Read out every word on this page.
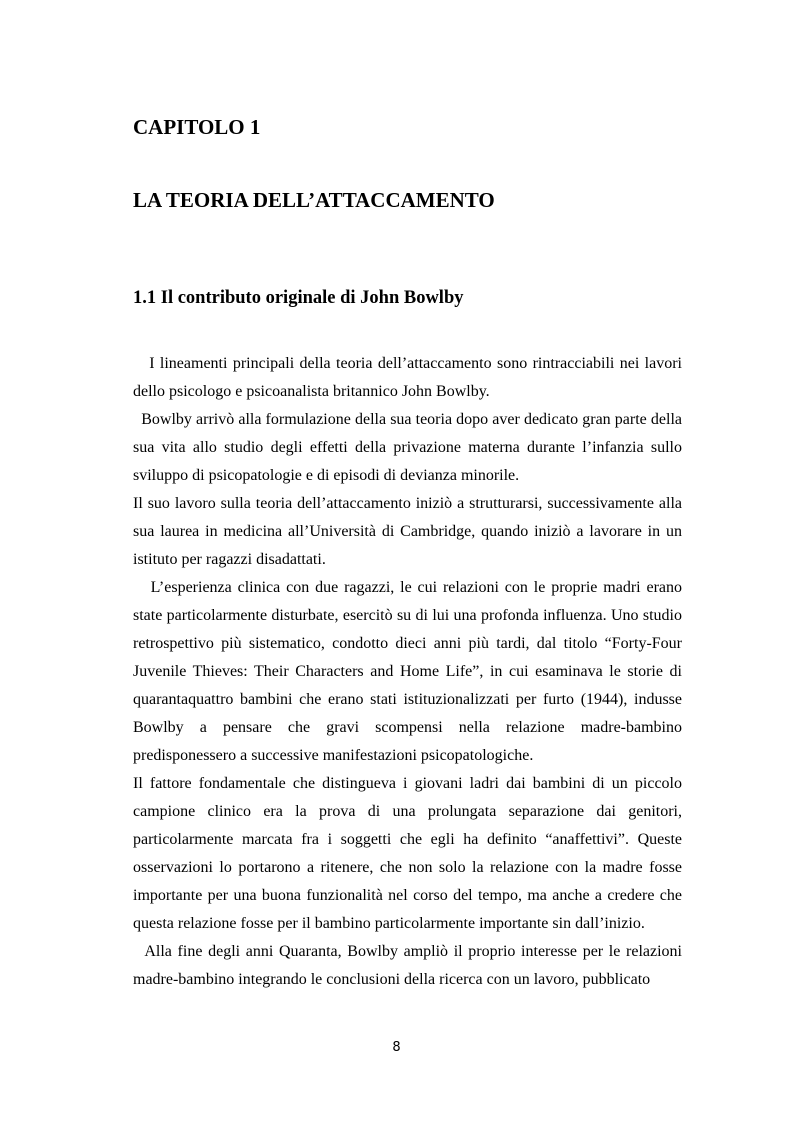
CAPITOLO 1
LA TEORIA DELL’ATTACCAMENTO
1.1 Il contributo originale di John Bowlby

I lineamenti principali della teoria dell’attaccamento sono rintracciabili nei lavori dello psicologo e psicoanalista britannico John Bowlby.

Bowlby arrivò alla formulazione della sua teoria dopo aver dedicato gran parte della sua vita allo studio degli effetti della privazione materna durante l’infanzia sullo sviluppo di psicopatologie e di episodi di devianza minorile.

Il suo lavoro sulla teoria dell’attaccamento iniziò a strutturarsi, successivamente alla sua laurea in medicina all’Università di Cambridge, quando iniziò a lavorare in un istituto per ragazzi disadattati.

L’esperienza clinica con due ragazzi, le cui relazioni con le proprie madri erano state particolarmente disturbate, esercitò su di lui una profonda influenza. Uno studio retrospettivo più sistematico, condotto dieci anni più tardi, dal titolo “Forty-Four Juvenile Thieves: Their Characters and Home Life”, in cui esaminava le storie di quarantaquattro bambini che erano stati istituzionalizzati per furto (1944), indusse Bowlby a pensare che gravi scompensi nella relazione madre-bambino predisponessero a successive manifestazioni psicopatologiche.

Il fattore fondamentale che distingueva i giovani ladri dai bambini di un piccolo campione clinico era la prova di una prolungata separazione dai genitori, particolarmente marcata fra i soggetti che egli ha definito “anaffettivi”. Queste osservazioni lo portarono a ritenere, che non solo la relazione con la madre fosse importante per una buona funzionalità nel corso del tempo, ma anche a credere che questa relazione fosse per il bambino particolarmente importante sin dall’inizio.

Alla fine degli anni Quaranta, Bowlby ampliò il proprio interesse per le relazioni madre-bambino integrando le conclusioni della ricerca con un lavoro, pubblicato

8
